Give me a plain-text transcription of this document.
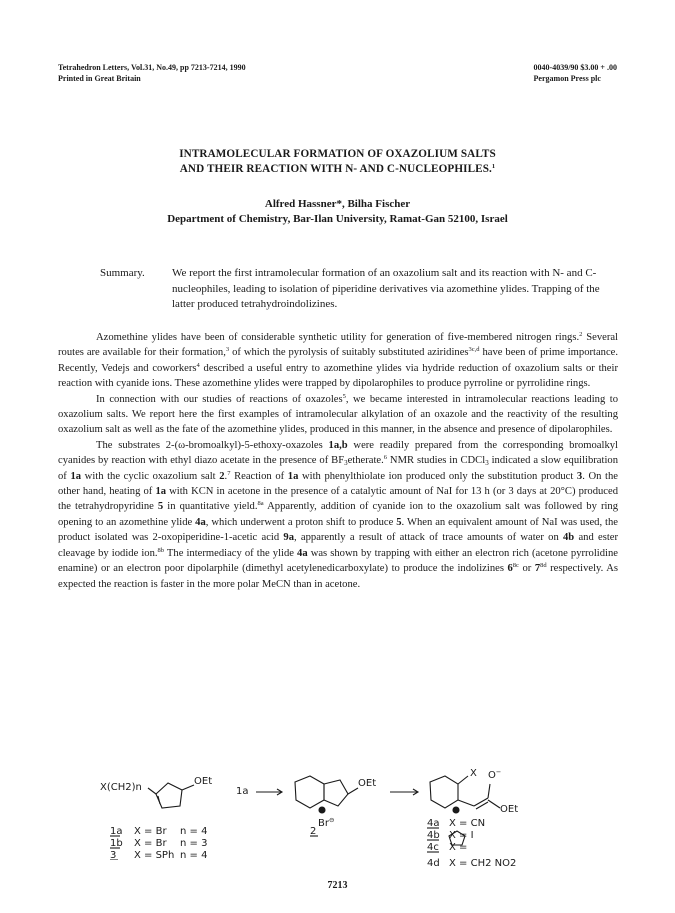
Tetrahedron Letters, Vol.31, No.49, pp 7213-7214, 1990
Printed in Great Britain
0040-4039/90 $3.00 + .00
Pergamon Press plc
INTRAMOLECULAR FORMATION OF OXAZOLIUM SALTS
AND THEIR REACTION WITH N- AND C-NUCLEOPHILES.$^1$
Alfred Hassner*, Bilha Fischer
Department of Chemistry, Bar-Ilan University, Ramat-Gan 52100, Israel
Summary. We report the first intramolecular formation of an oxazolium salt and its reaction with N- and C-nucleophiles, leading to isolation of piperidine derivatives via azomethine ylides. Trapping of the latter produced tetrahydroindolizines.

Azomethine ylides have been of considerable synthetic utility for generation of five-membered nitrogen rings.$^2$ Several routes are available for their formation,$^3$ of which the pyrolysis of suitably substituted aziridines$^{3c,d}$ have been of prime importance. Recently, Vedejs and coworkers$^4$ described a useful entry to azomethine ylides via hydride reduction of oxazolium salts or their reaction with cyanide ions. These azomethine ylides were trapped by dipolarophiles to produce pyrroline or pyrrolidine rings.

In connection with our studies of reactions of oxazoles$^5$, we became interested in intramolecular reactions leading to oxazolium salts. We report here the first examples of intramolecular alkylation of an oxazole and the reactivity of the resulting oxazolium salt as well as the fate of the azomethine ylides, produced in this manner, in the absence and presence of dipolarophiles.

The substrates 2-(ω-bromoalkyl)-5-ethoxy-oxazoles 1a,b were readily prepared from the corresponding bromoalkyl cyanides by reaction with ethyl diazo acetate in the presence of $BF_3etherate.^6$ NMR studies in CDCl$_3$ indicated a slow equilibration of 1a with the cyclic oxazolium salt 2.$^7$ Reaction of 1a with phenylthiolate ion produced only the substitution product 3. On the other hand, heating of 1a with KCN in acetone in the presence of a catalytic amount of NaI for 13 h (or 3 days at 20°C) produced the tetrahydropyridine 5 in quantitative yield.$^{8a}$ Apparently, addition of cyanide ion to the oxazolium salt was followed by ring opening to an azomethine ylide 4a, which underwent a proton shift to produce 5. When an equivalent amount of NaI was used, the product isolated was 2-oxopiperidine-1-acetic acid 9a, apparently a result of attack of trace amounts of water on 4b and ester cleavage by iodide ion.$^{8b}$ The intermediacy of the ylide 4a was shown by trapping with either an electron rich (acetone pyrrolidine enamine) or an electron poor dipolarphile (dimethyl acetylenedicarboxylate) to produce the indolizines $6^{8c}$ or $7^{8d}$ respectively. As expected the reaction is faster in the more polar MeCN than in acetone.

X(CH2)n
OEt
1a
OEt
OEt
X O−
Br⊖
2
1a X = Br n = 4
1b X = Br n = 3
3 X = SPh n = 4
4a X = CN
4b X = I
4c X =
4d X = CH2 NO2
7213
